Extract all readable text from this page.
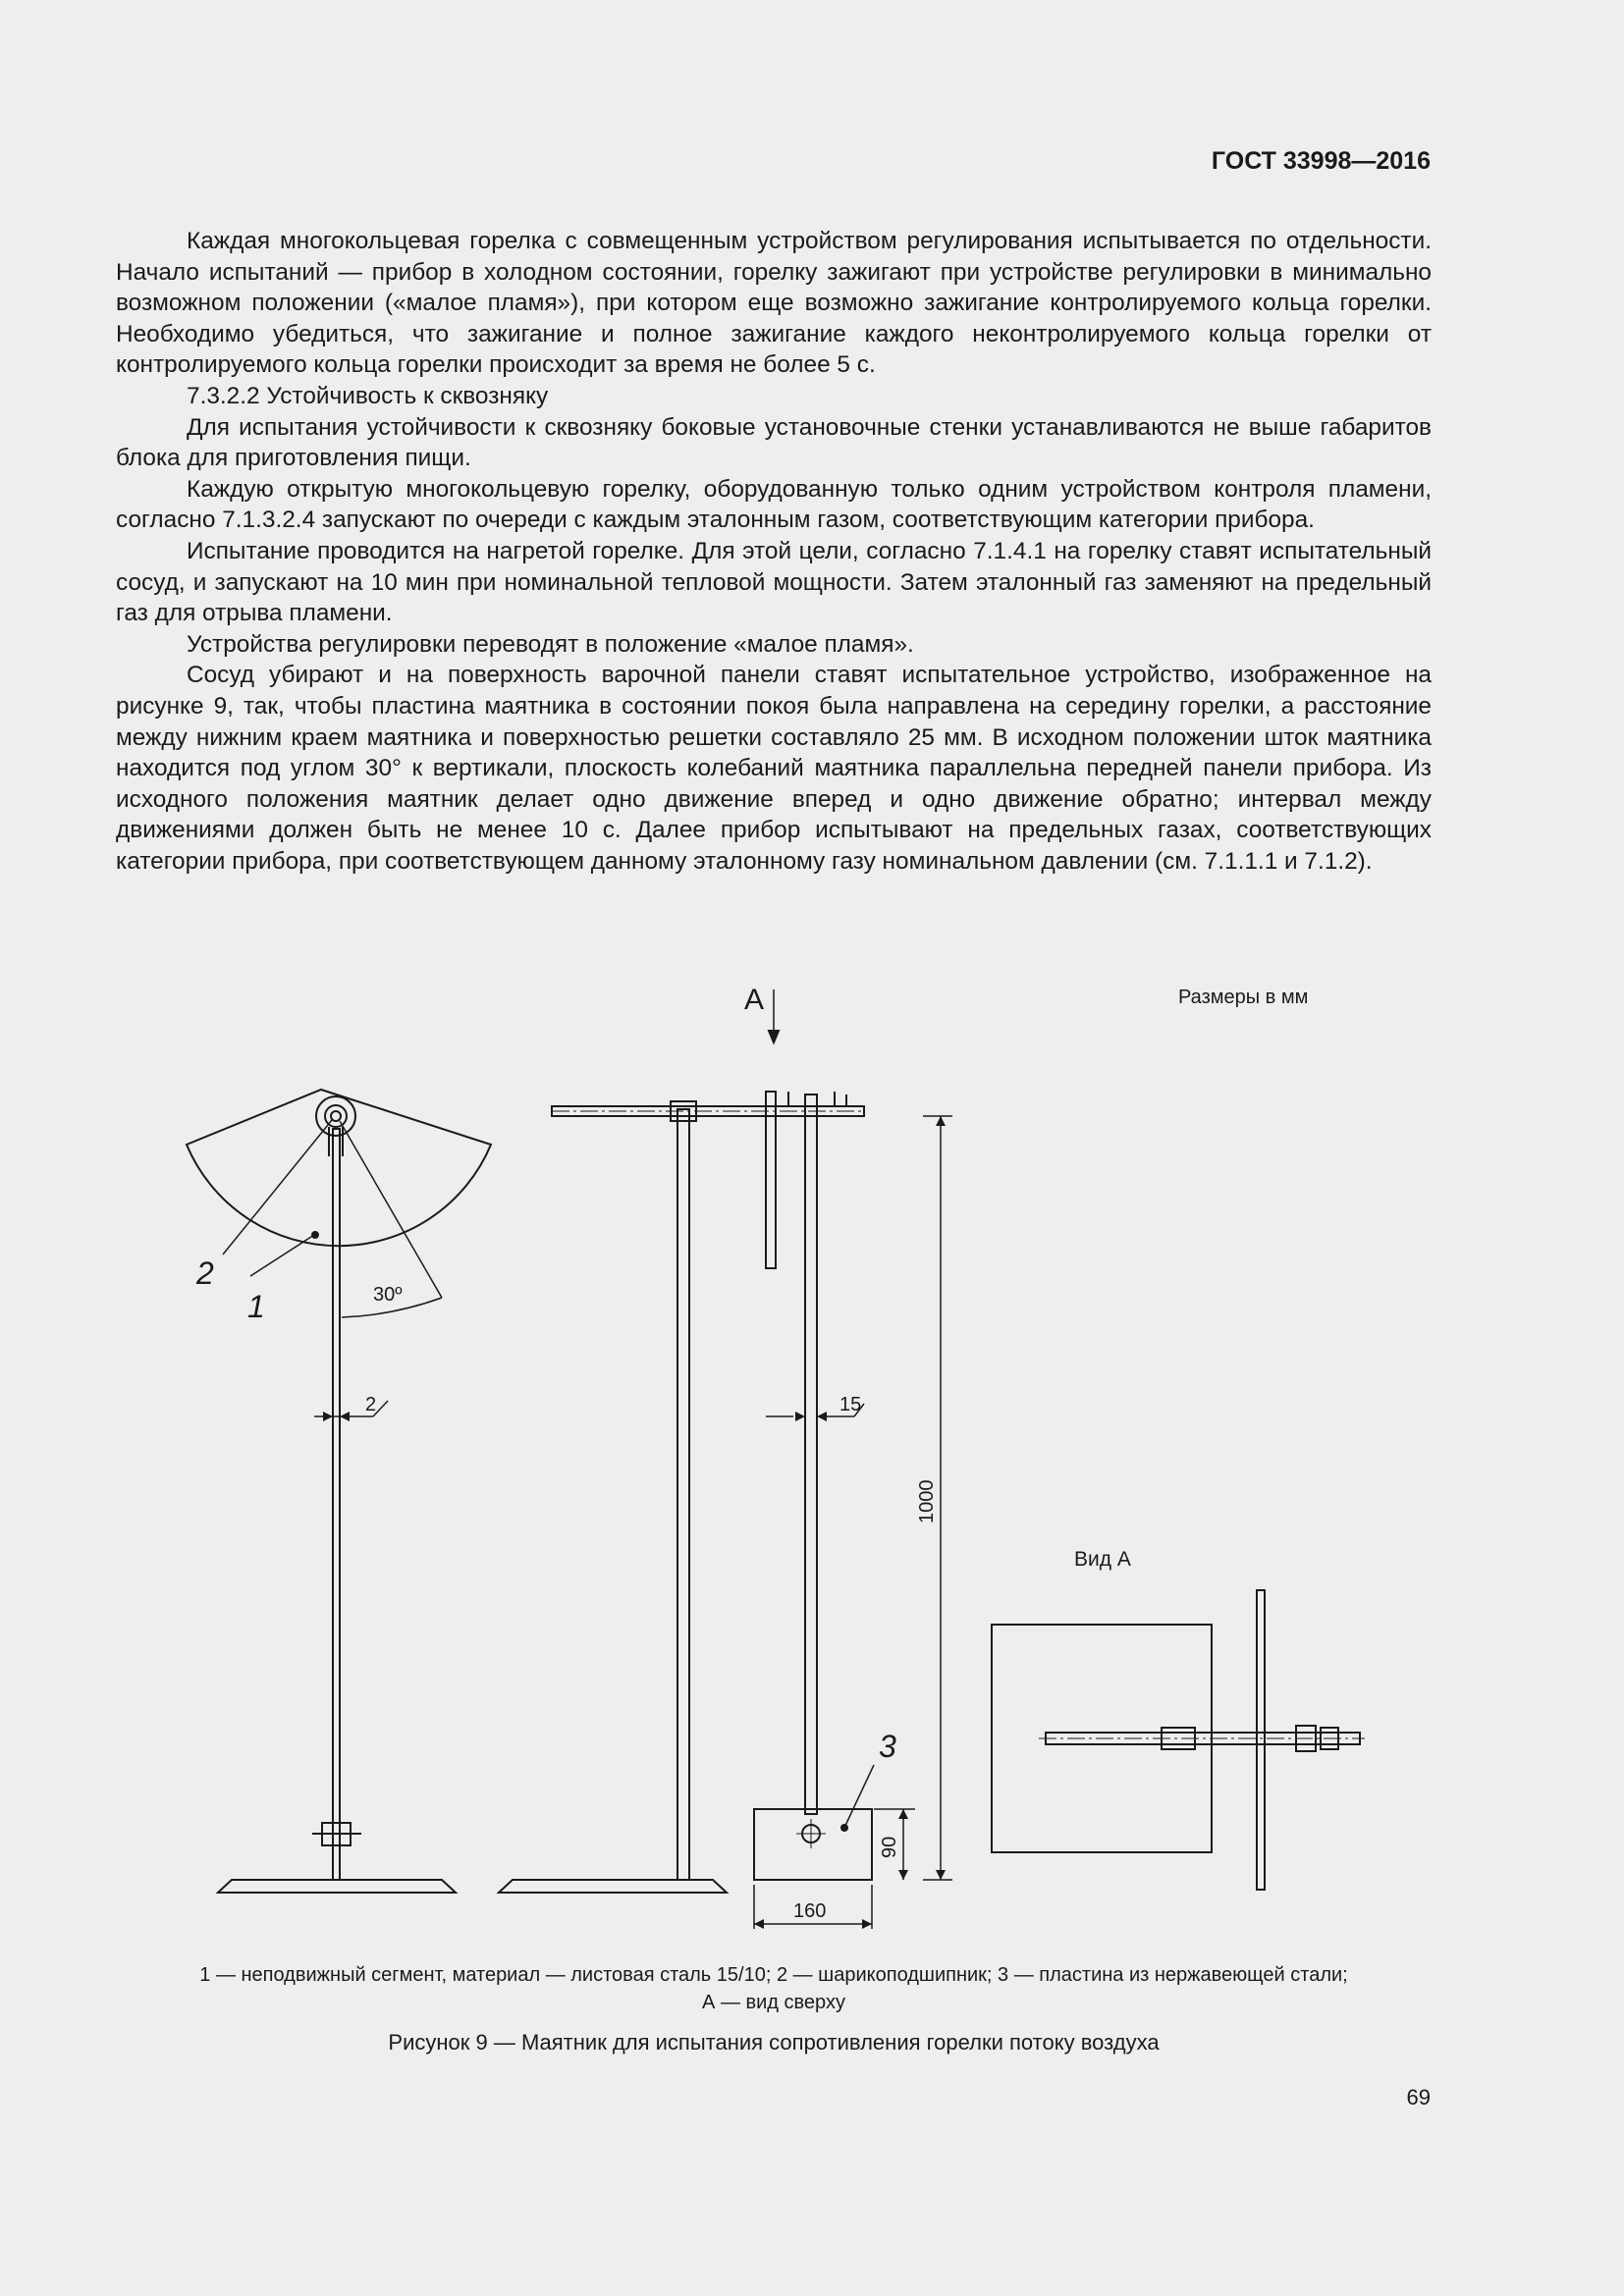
ГОСТ 33998—2016

Каждая многокольцевая горелка с совмещенным устройством регулирования испытывается по отдельности. Начало испытаний — прибор в холодном состоянии, горелку зажигают при устройстве регулировки в минимально возможном положении («малое пламя»), при котором еще возможно зажигание контролируемого кольца горелки. Необходимо убедиться, что зажигание и полное зажигание каждого неконтролируемого кольца горелки от контролируемого кольца горелки происходит за время не более 5 с.

7.3.2.2 Устойчивость к сквозняку

Для испытания устойчивости к сквозняку боковые установочные стенки устанавливаются не выше габаритов блока для приготовления пищи.

Каждую открытую многокольцевую горелку, оборудованную только одним устройством контроля пламени, согласно 7.1.3.2.4 запускают по очереди с каждым эталонным газом, соответствующим категории прибора.

Испытание проводится на нагретой горелке. Для этой цели, согласно 7.1.4.1 на горелку ставят испытательный сосуд, и запускают на 10 мин при номинальной тепловой мощности. Затем эталонный газ заменяют на предельный газ для отрыва пламени.

Устройства регулировки переводят в положение «малое пламя».

Сосуд убирают и на поверхность варочной панели ставят испытательное устройство, изображенное на рисунке 9, так, чтобы пластина маятника в состоянии покоя была направлена на середину горелки, а расстояние между нижним краем маятника и поверхностью решетки составляло 25 мм. В исходном положении шток маятника находится под углом 30° к вертикали, плоскость колебаний маятника параллельна передней панели прибора. Из исходного положения маятник делает одно движение вперед и одно движение обратно; интервал между движениями должен быть не менее 10 с. Далее прибор испытывают на предельных газах, соответствующих категории прибора, при соответствующем данному эталонному газу номинальном давлении (см. 7.1.1.1 и 7.1.2).

Размеры в мм
А
2
1
3
30º
2	15
1000
90
160
Вид А
1 — неподвижный сегмент, материал — листовая сталь 15/10; 2 — шарикоподшипник; 3 — пластина из нержавеющей стали;
А — вид сверху
Рисунок 9 — Маятник для испытания сопротивления горелки потоку воздуха
69
